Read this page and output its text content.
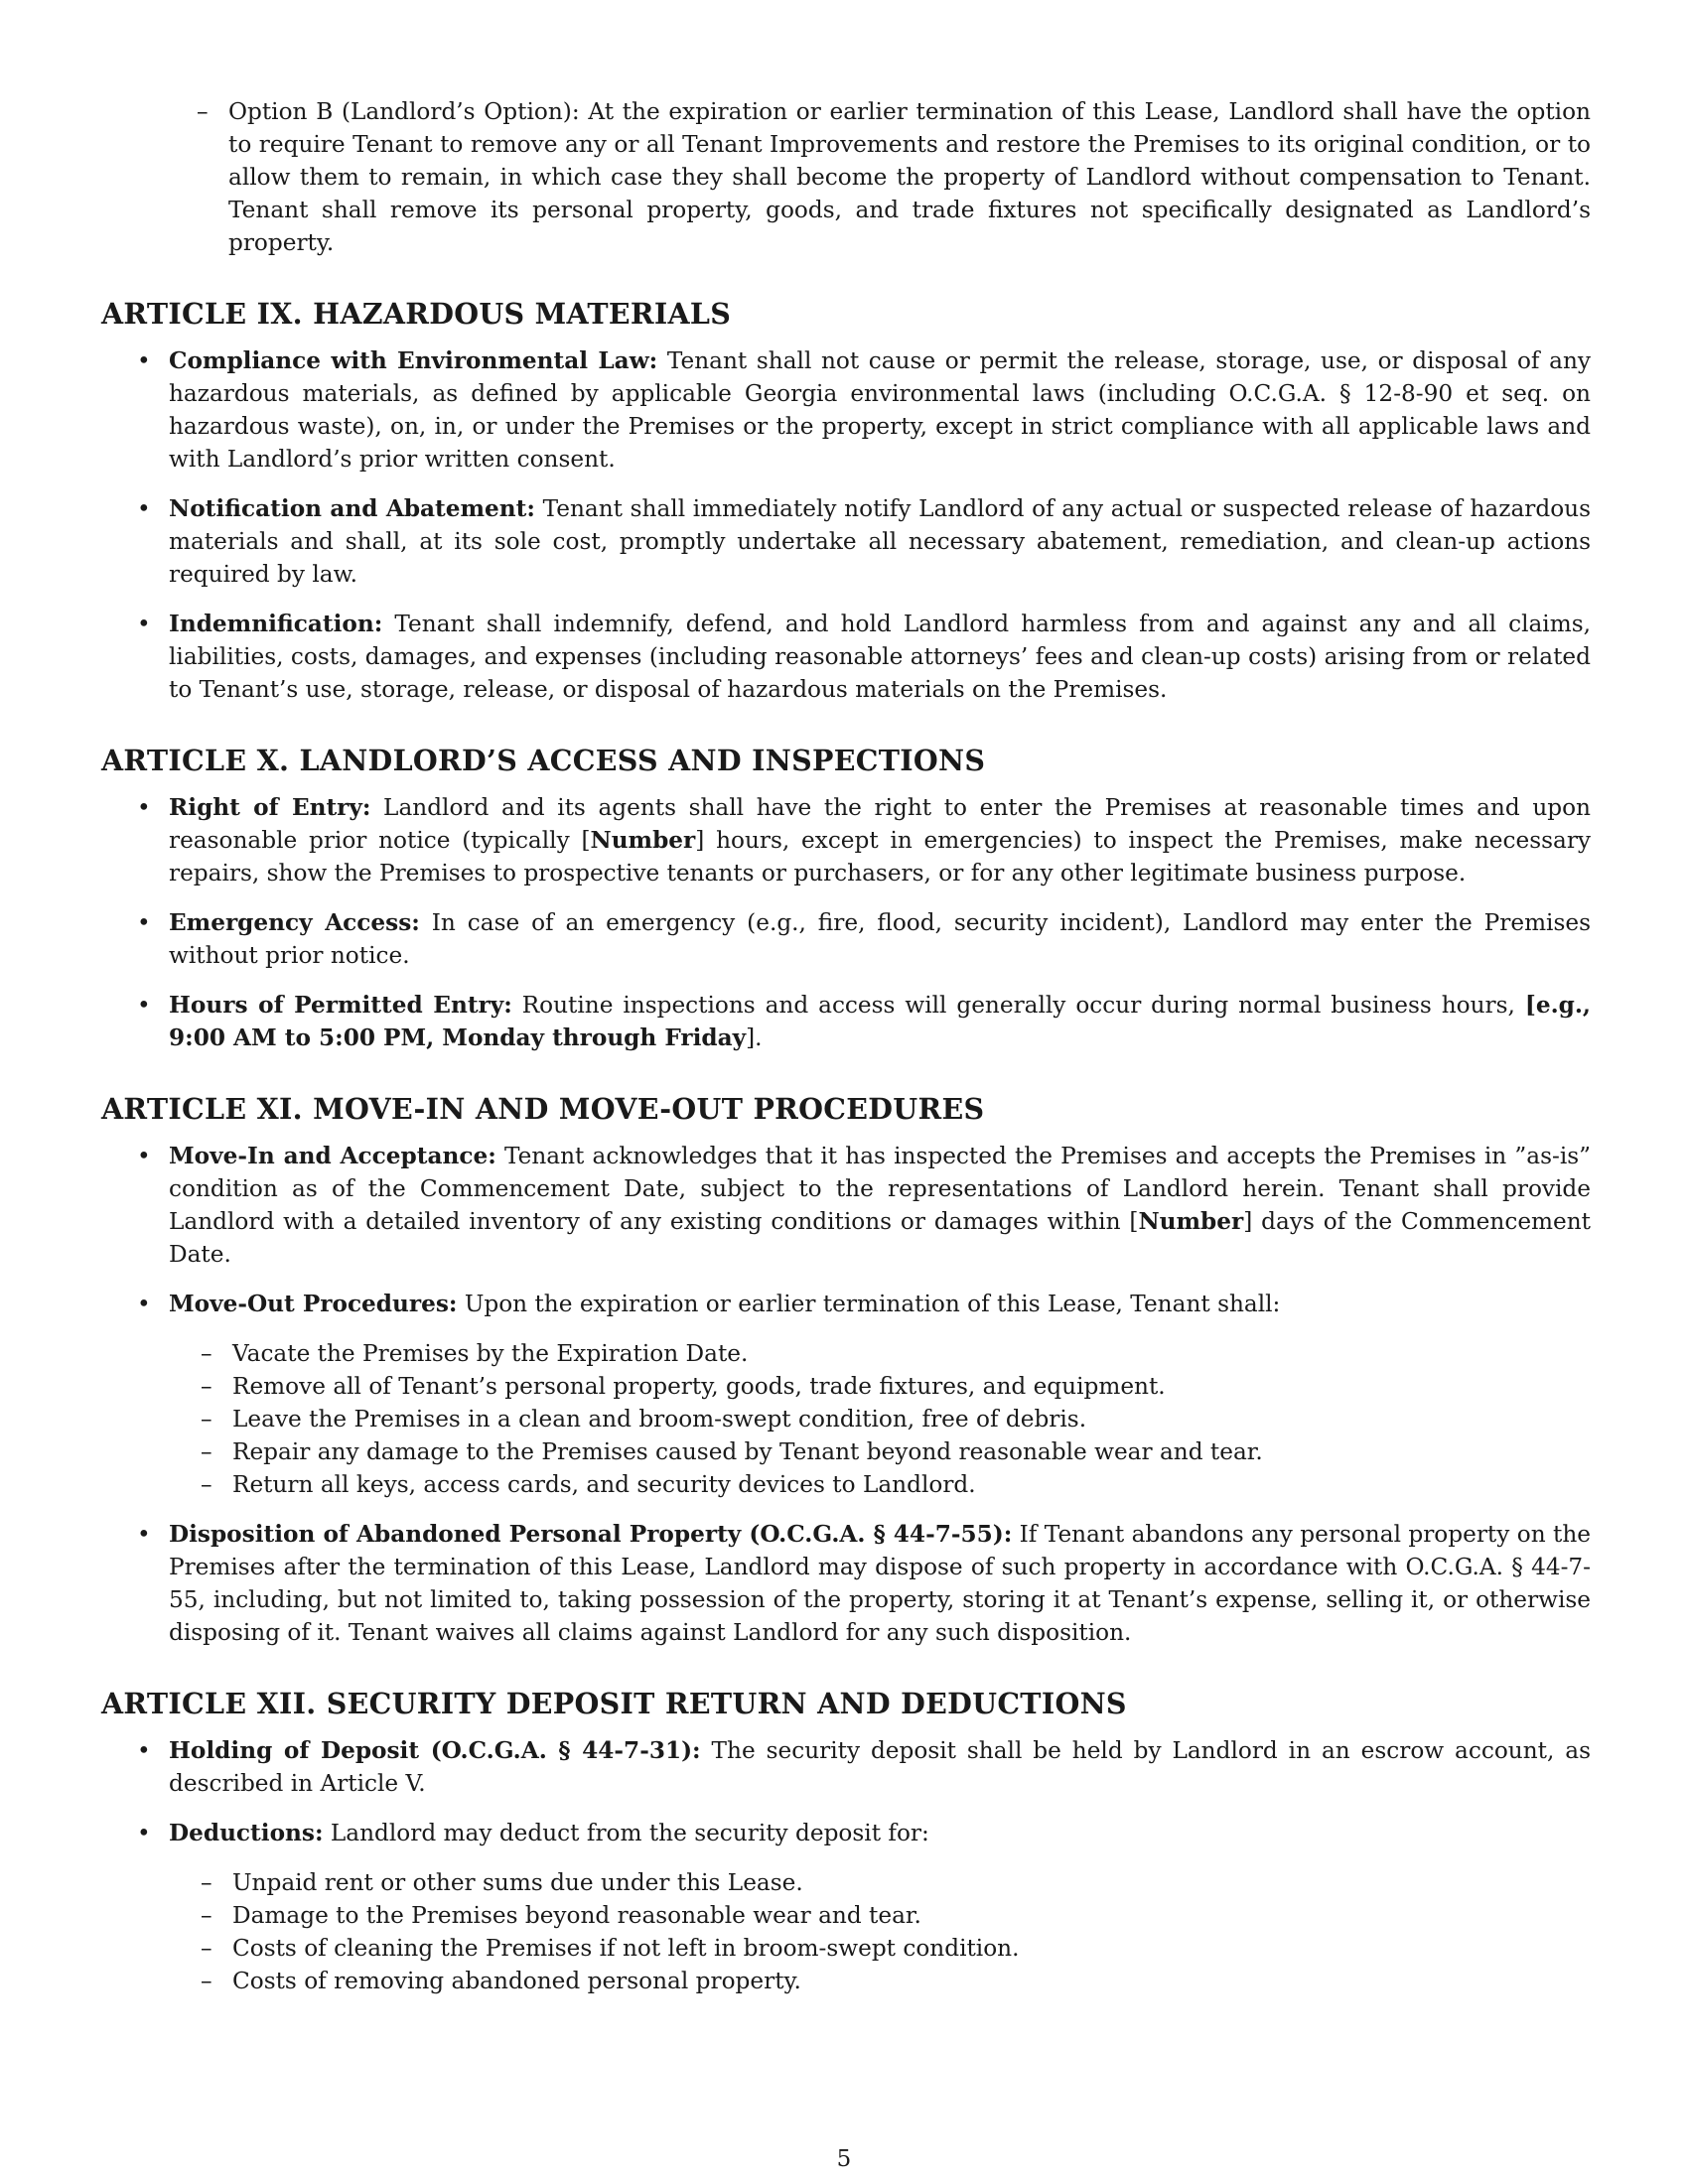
– Option B (Landlord’s Option): At the expiration or earlier termination of this Lease, Landlord shall have the option to require Tenant to remove any or all Tenant Improvements and restore the Premises to its original condition, or to allow them to remain, in which case they shall become the property of Landlord without compensation to Tenant. Tenant shall remove its personal property, goods, and trade fixtures not specifically designated as Landlord’s property.
ARTICLE IX. HAZARDOUS MATERIALS
• Compliance with Environmental Law: Tenant shall not cause or permit the release, storage, use, or disposal of any hazardous materials, as defined by applicable Georgia environmental laws (including O.C.G.A. § 12-8-90 et seq. on hazardous waste), on, in, or under the Premises or the property, except in strict compliance with all applicable laws and with Landlord’s prior written consent.
• Notification and Abatement: Tenant shall immediately notify Landlord of any actual or suspected release of hazardous materials and shall, at its sole cost, promptly undertake all necessary abatement, remediation, and clean-up actions required by law.
• Indemnification: Tenant shall indemnify, defend, and hold Landlord harmless from and against any and all claims, liabilities, costs, damages, and expenses (including reasonable attorneys’ fees and clean-up costs) arising from or related to Tenant’s use, storage, release, or disposal of hazardous materials on the Premises.
ARTICLE X. LANDLORD’S ACCESS AND INSPECTIONS
• Right of Entry: Landlord and its agents shall have the right to enter the Premises at reasonable times and upon reasonable prior notice (typically [Number] hours, except in emergencies) to inspect the Premises, make necessary repairs, show the Premises to prospective tenants or purchasers, or for any other legitimate business purpose.
• Emergency Access: In case of an emergency (e.g., fire, flood, security incident), Landlord may enter the Premises without prior notice.
• Hours of Permitted Entry: Routine inspections and access will generally occur during normal business hours, [e.g., 9:00 AM to 5:00 PM, Monday through Friday].
ARTICLE XI. MOVE-IN AND MOVE-OUT PROCEDURES
• Move-In and Acceptance: Tenant acknowledges that it has inspected the Premises and accepts the Premises in ”as-is” condition as of the Commencement Date, subject to the representations of Landlord herein. Tenant shall provide Landlord with a detailed inventory of any existing conditions or damages within [Number] days of the Commencement Date.
• Move-Out Procedures: Upon the expiration or earlier termination of this Lease, Tenant shall:
– Vacate the Premises by the Expiration Date.
– Remove all of Tenant’s personal property, goods, trade fixtures, and equipment.
– Leave the Premises in a clean and broom-swept condition, free of debris.
– Repair any damage to the Premises caused by Tenant beyond reasonable wear and tear.
– Return all keys, access cards, and security devices to Landlord.
• Disposition of Abandoned Personal Property (O.C.G.A. § 44-7-55): If Tenant abandons any personal property on the Premises after the termination of this Lease, Landlord may dispose of such property in accordance with O.C.G.A. § 44-7-55, including, but not limited to, taking possession of the property, storing it at Tenant’s expense, selling it, or otherwise disposing of it. Tenant waives all claims against Landlord for any such disposition.
ARTICLE XII. SECURITY DEPOSIT RETURN AND DEDUCTIONS
• Holding of Deposit (O.C.G.A. § 44-7-31): The security deposit shall be held by Landlord in an escrow account, as described in Article V.
• Deductions: Landlord may deduct from the security deposit for:
– Unpaid rent or other sums due under this Lease.
– Damage to the Premises beyond reasonable wear and tear.
– Costs of cleaning the Premises if not left in broom-swept condition.
– Costs of removing abandoned personal property.
5
